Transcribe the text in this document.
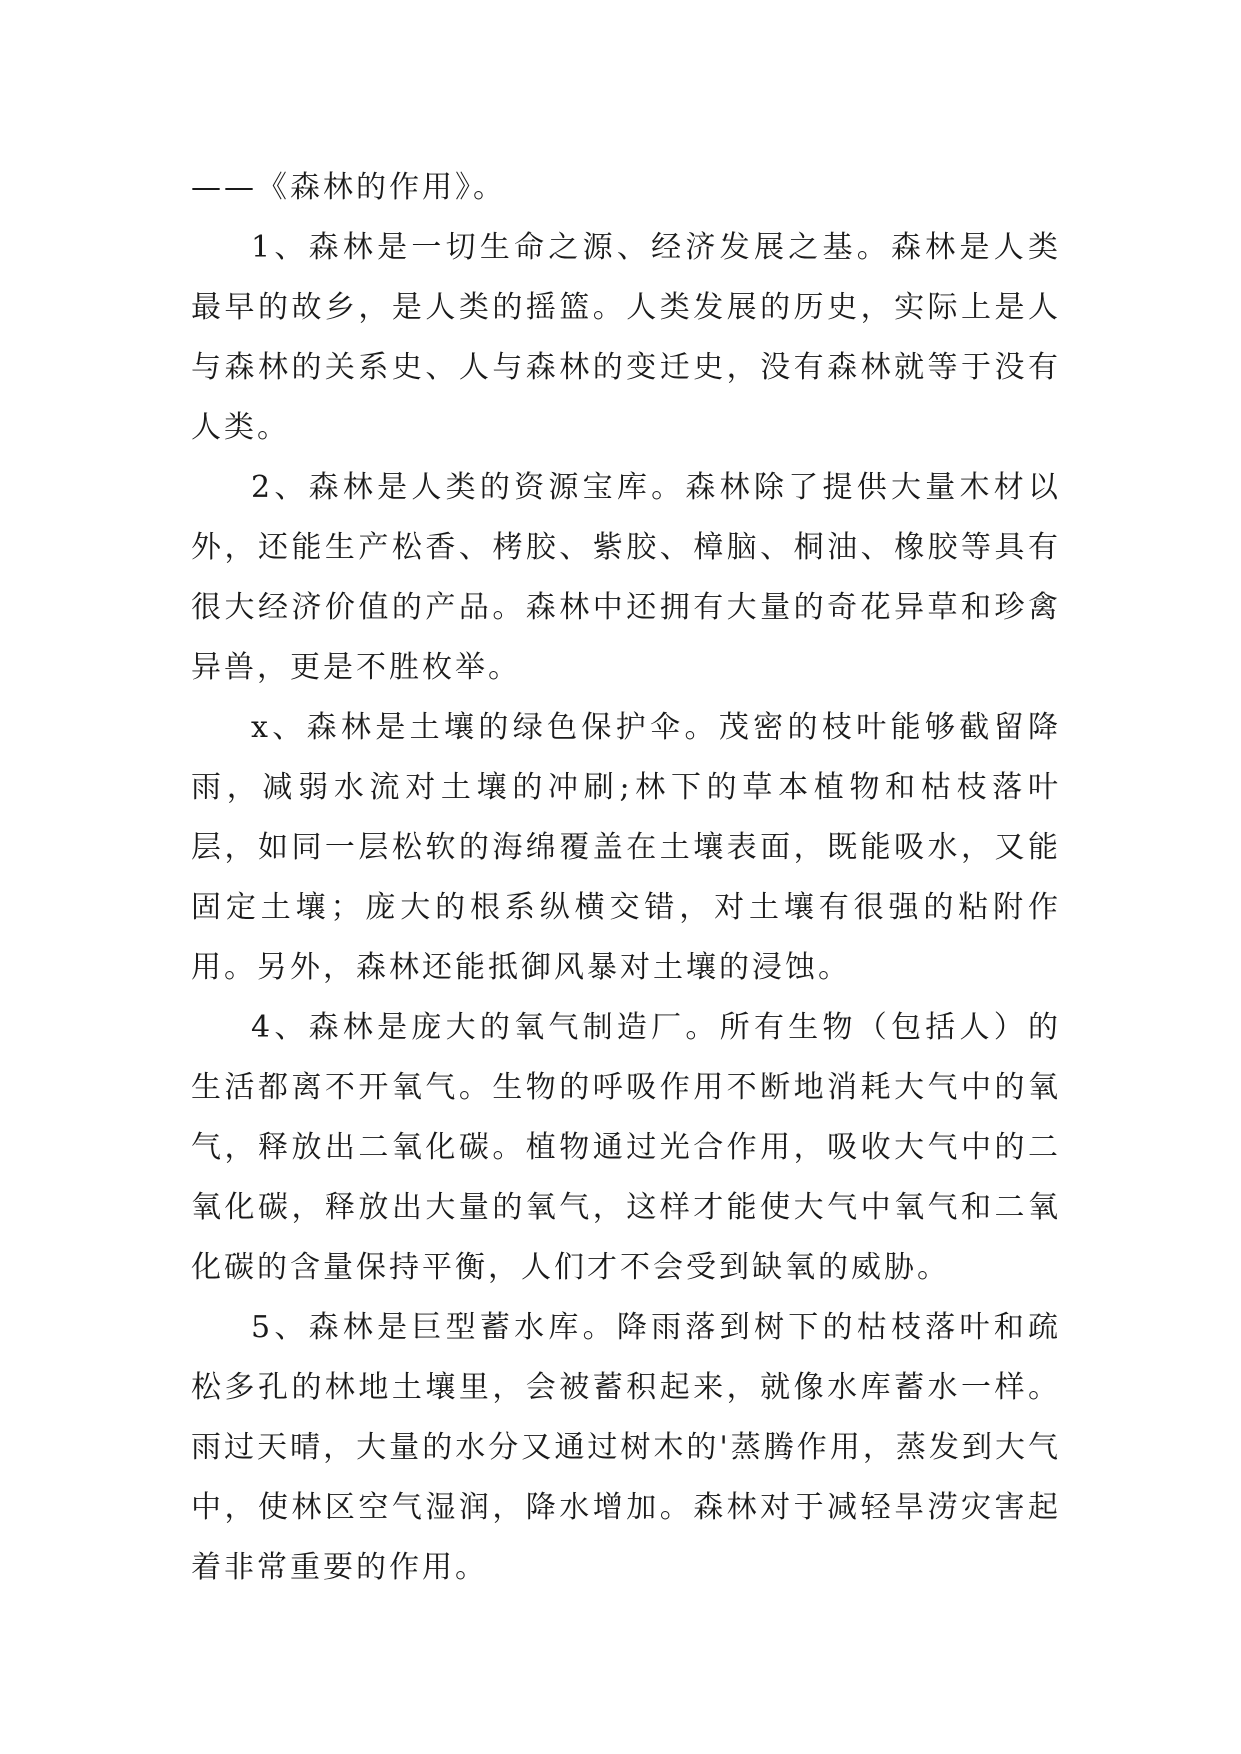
——《森林的作用》。

1、森林是一切生命之源、经济发展之基。森林是人类最早的故乡，是人类的摇篮。人类发展的历史，实际上是人与森林的关系史、人与森林的变迁史，没有森林就等于没有人类。

2、森林是人类的资源宝库。森林除了提供大量木材以外，还能生产松香、栲胶、紫胶、樟脑、桐油、橡胶等具有很大经济价值的产品。森林中还拥有大量的奇花异草和珍禽异兽，更是不胜枚举。

x、森林是土壤的绿色保护伞。茂密的枝叶能够截留降雨，减弱水流对土壤的冲刷;林下的草本植物和枯枝落叶层，如同一层松软的海绵覆盖在土壤表面，既能吸水，又能固定土壤；庞大的根系纵横交错，对土壤有很强的粘附作用。另外，森林还能抵御风暴对土壤的浸蚀。

4、森林是庞大的氧气制造厂。所有生物（包括人）的生活都离不开氧气。生物的呼吸作用不断地消耗大气中的氧气，释放出二氧化碳。植物通过光合作用，吸收大气中的二氧化碳，释放出大量的氧气，这样才能使大气中氧气和二氧化碳的含量保持平衡，人们才不会受到缺氧的威胁。

5、森林是巨型蓄水库。降雨落到树下的枯枝落叶和疏松多孔的林地土壤里，会被蓄积起来，就像水库蓄水一样。雨过天晴，大量的水分又通过树木的'蒸腾作用，蒸发到大气中，使林区空气湿润，降水增加。森林对于减轻旱涝灾害起着非常重要的作用。
